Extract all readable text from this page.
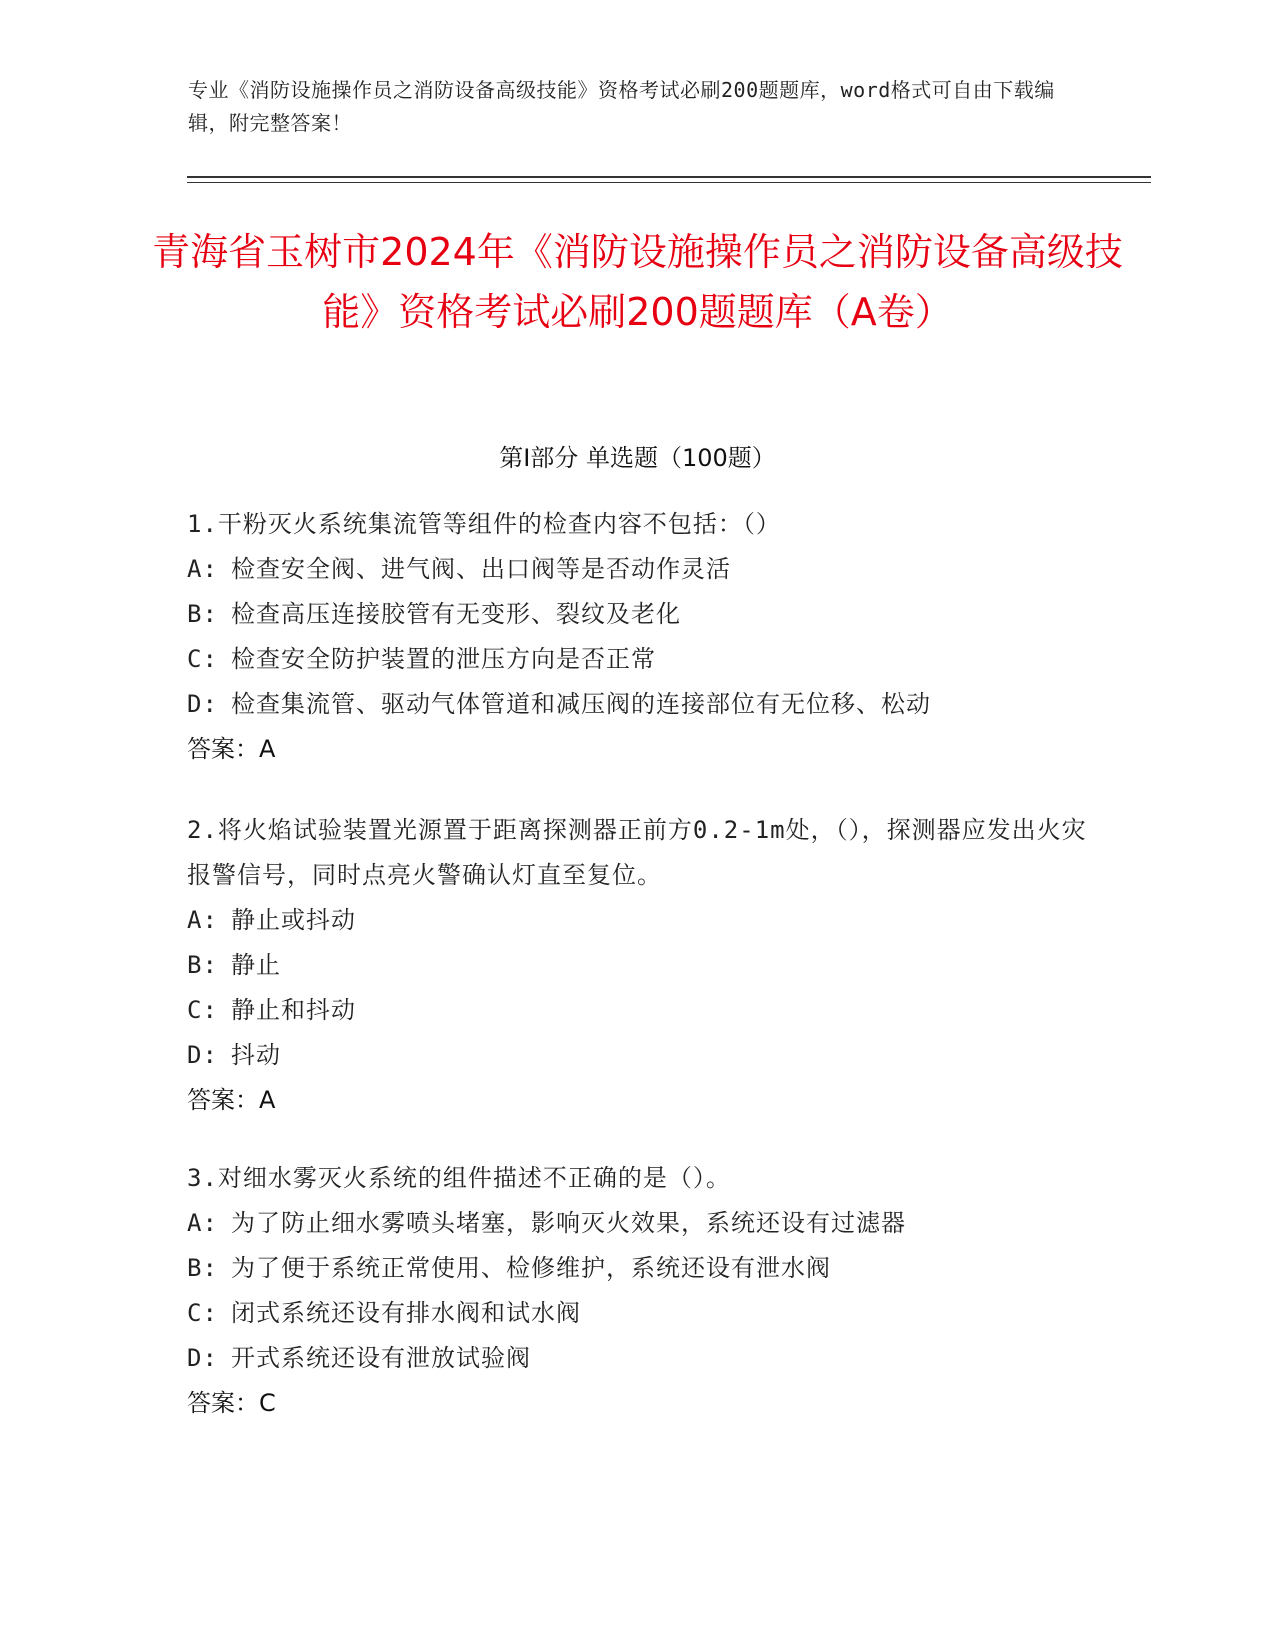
专业《消防设施操作员之消防设备高级技能》资格考试必刷200题题库，word格式可自由下载编辑，附完整答案！
青海省玉树市2024年《消防设施操作员之消防设备高级技能》资格考试必刷200题题库（A卷）
第Ⅰ部分 单选题（100题）
1.干粉灭火系统集流管等组件的检查内容不包括：（）
A: 检查安全阀、进气阀、出口阀等是否动作灵活
B: 检查高压连接胶管有无变形、裂纹及老化
C: 检查安全防护装置的泄压方向是否正常
D: 检查集流管、驱动气体管道和减压阀的连接部位有无位移、松动
答案：A
2.将火焰试验装置光源置于距离探测器正前方0.2-1m处，（），探测器应发出火灾报警信号，同时点亮火警确认灯直至复位。
A: 静止或抖动
B: 静止
C: 静止和抖动
D: 抖动
答案：A
3.对细水雾灭火系统的组件描述不正确的是（）。
A: 为了防止细水雾喷头堵塞，影响灭火效果，系统还设有过滤器
B: 为了便于系统正常使用、检修维护，系统还设有泄水阀
C: 闭式系统还设有排水阀和试水阀
D: 开式系统还设有泄放试验阀
答案：C
